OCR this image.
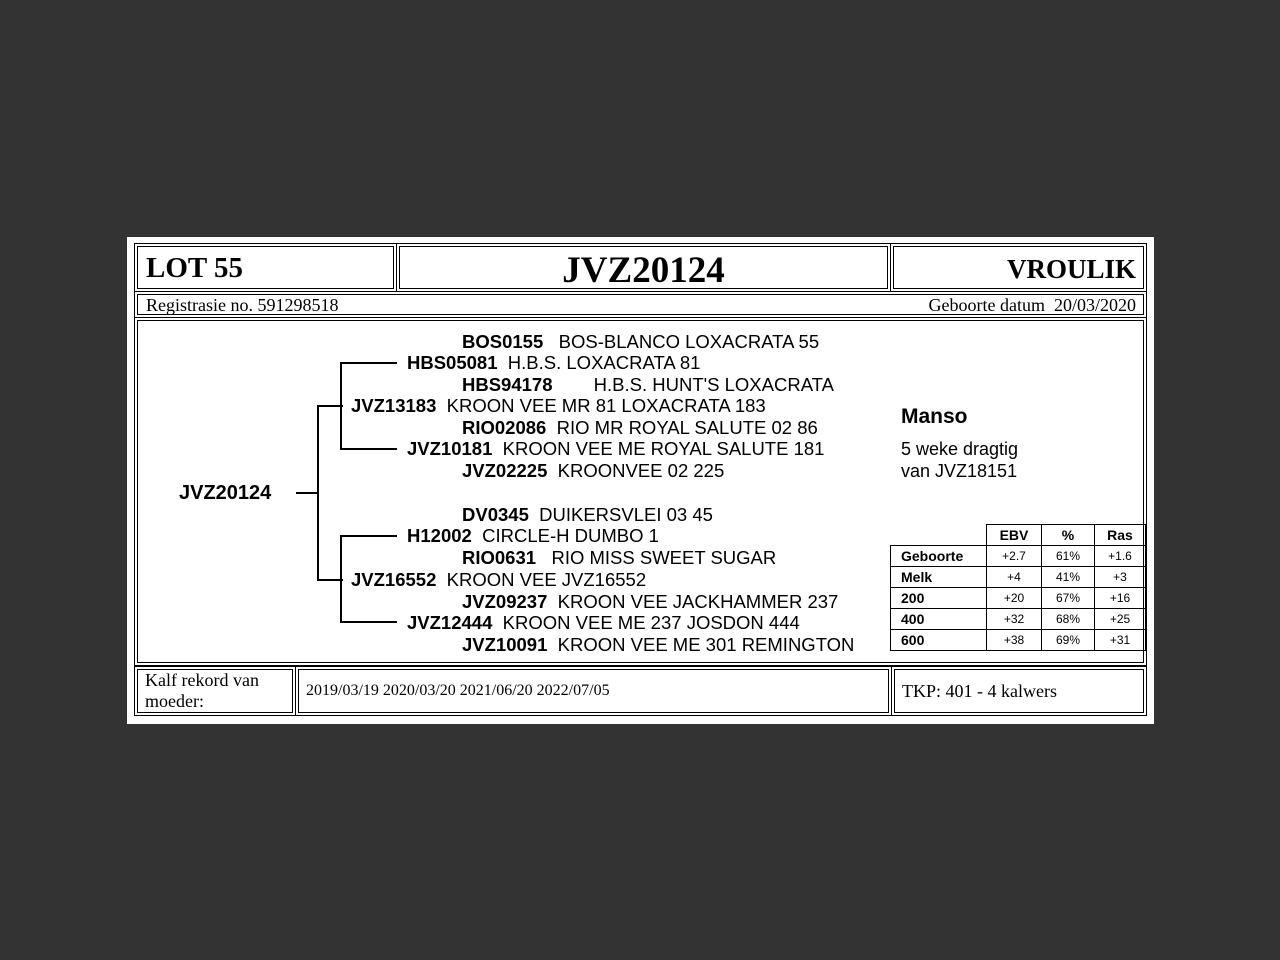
LOT 55	JVZ20124	VROULIK
Registrasie no. 591298518	Geboorte datum 20/03/2020
JVZ20124
BOS0155 BOS-BLANCO LOXACRATA 55
HBS05081 H.B.S. LOXACRATA 81
HBS94178 H.B.S. HUNT'S LOXACRATA
JVZ13183 KROON VEE MR 81 LOXACRATA 183
RIO02086 RIO MR ROYAL SALUTE 02 86
JVZ10181 KROON VEE ME ROYAL SALUTE 181
JVZ02225 KROONVEE 02 225
DV0345 DUIKERSVLEI 03 45
H12002 CIRCLE-H DUMBO 1
RIO0631 RIO MISS SWEET SUGAR
JVZ16552 KROON VEE JVZ16552
JVZ09237 KROON VEE JACKHAMMER 237
JVZ12444 KROON VEE ME 237 JOSDON 444
JVZ10091 KROON VEE ME 301 REMINGTON
Manso
5 weke dragtig
van JVZ18151
	EBV	%	Ras
Geboorte	+2.7	61%	+1.6
Melk	+4	41%	+3
200	+20	67%	+16
400	+32	68%	+25
600	+38	69%	+31
Kalf rekord van moeder:
2019/03/19 2020/03/20 2021/06/20 2022/07/05	TKP: 401 - 4 kalwers
